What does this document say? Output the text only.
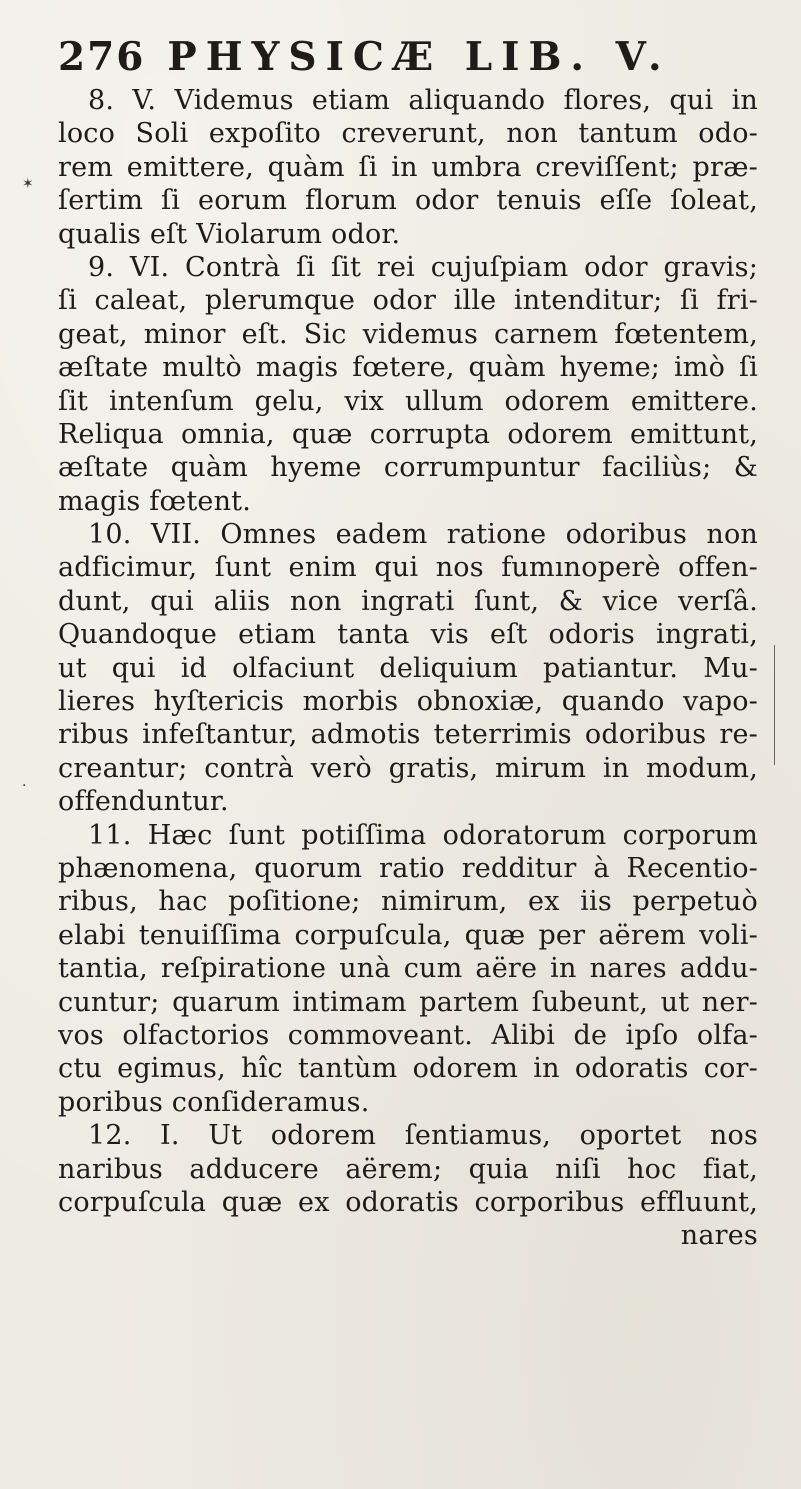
276 PHYSICÆ LIB. V.
8. V. Videmus etiam aliquando flores, qui in
loco Soli expoſito creverunt, non tantum odo-
rem emittere, quàm ſi in umbra creviſſent; præ-
ſertim ſi eorum florum odor tenuis eſſe ſoleat,
qualis eſt Violarum odor.
9. VI. Contrà ſi ſit rei cujuſpiam odor gravis;
ſi caleat, plerumque odor ille intenditur; ſi fri-
geat, minor eſt. Sic videmus carnem fœtentem,
æſtate multò magis fœtere, quàm hyeme; imò ſi
ſit intenſum gelu, vix ullum odorem emittere.
Reliqua omnia, quæ corrupta odorem emittunt,
æſtate quàm hyeme corrumpuntur faciliùs; &
magis fœtent.
10. VII. Omnes eadem ratione odoribus non
adficimur, ſunt enim qui nos fumınoperè offen-
dunt, qui aliis non ingrati ſunt, & vice verſâ.
Quandoque etiam tanta vis eſt odoris ingrati,
ut qui id olfaciunt deliquium patiantur. Mu-
lieres hyſtericis morbis obnoxiæ, quando vapo-
ribus infeſtantur, admotis teterrimis odoribus re-
creantur; contrà verò gratis, mirum in modum,
offenduntur.
11. Hæc ſunt potiſſima odoratorum corporum
phænomena, quorum ratio redditur à Recentio-
ribus, hac poſitione; nimirum, ex iis perpetuò
elabi tenuiſſima corpuſcula, quæ per aërem voli-
tantia, reſpiratione unà cum aëre in nares addu-
cuntur; quarum intimam partem ſubeunt, ut ner-
vos olfactorios commoveant. Alibi de ipſo olfa-
ctu egimus, hîc tantùm odorem in odoratis cor-
poribus conſideramus.
12. I. Ut odorem ſentiamus, oportet nos
naribus adducere aërem; quia niſi hoc fiat,
corpuſcula quæ ex odoratis corporibus effluunt,
nares
✶
·
